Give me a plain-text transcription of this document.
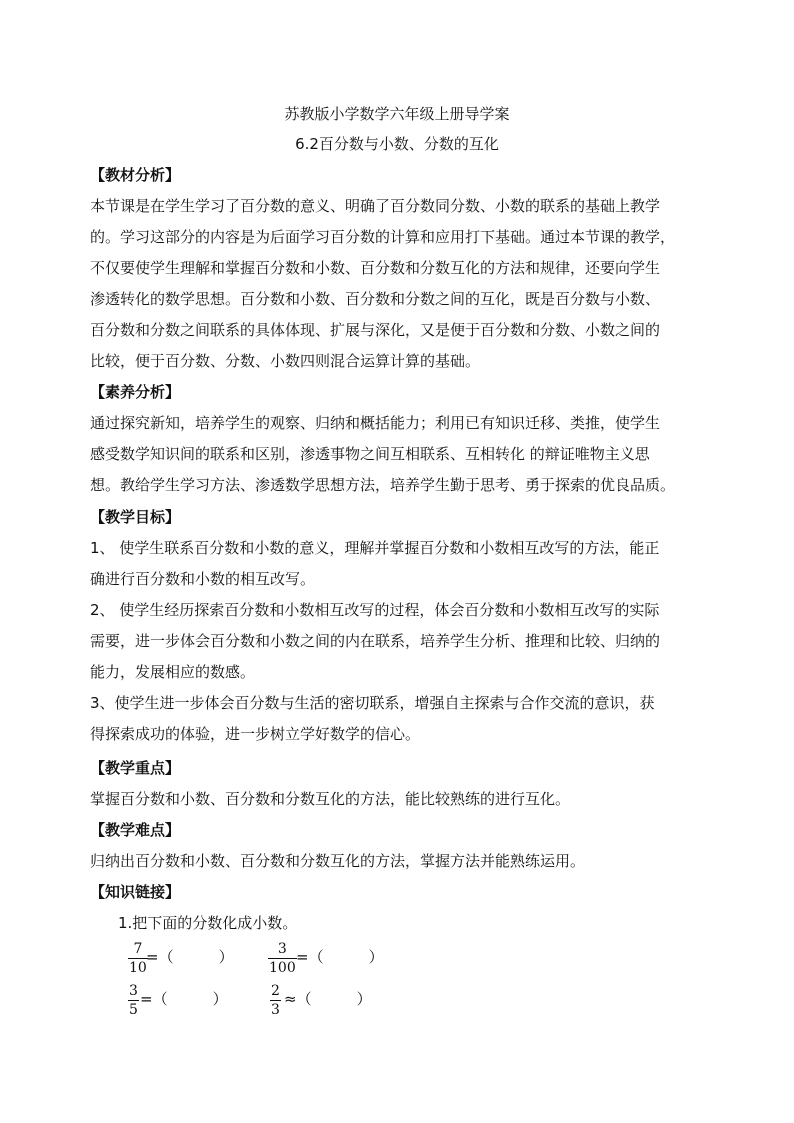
苏教版小学数学六年级上册导学案
6.2百分数与小数、分数的互化
【教材分析】
本节课是在学生学习了百分数的意义、明确了百分数同分数、小数的联系的基础上教学
的。学习这部分的内容是为后面学习百分数的计算和应用打下基础。通过本节课的教学，
不仅要使学生理解和掌握百分数和小数、百分数和分数互化的方法和规律，还要向学生
渗透转化的数学思想。百分数和小数、百分数和分数之间的互化，既是百分数与小数、
百分数和分数之间联系的具体体现、扩展与深化，又是便于百分数和分数、小数之间的
比较，便于百分数、分数、小数四则混合运算计算的基础。
【素养分析】
通过探究新知，培养学生的观察、归纳和概括能力；利用已有知识迁移、类推，使学生
感受数学知识间的联系和区别，渗透事物之间互相联系、互相转化 的辩证唯物主义思
想。教给学生学习方法、渗透数学思想方法，培养学生勤于思考、勇于探索的优良品质。
【教学目标】
1、 使学生联系百分数和小数的意义，理解并掌握百分数和小数相互改写的方法，能正
确进行百分数和小数的相互改写。
2、 使学生经历探索百分数和小数相互改写的过程，体会百分数和小数相互改写的实际
需要，进一步体会百分数和小数之间的内在联系，培养学生分析、推理和比较、归纳的
能力，发展相应的数感。
3、使学生进一步体会百分数与生活的密切联系，增强自主探索与合作交流的意识，获
得探索成功的体验，进一步树立学好数学的信心。
【教学重点】
掌握百分数和小数、百分数和分数互化的方法，能比较熟练的进行互化。
【教学难点】
归纳出百分数和小数、百分数和分数互化的方法，掌握方法并能熟练运用。
【知识链接】
1.把下面的分数化成小数。
7
10
=（　　　）	3
100
=（　　　）
3
5
=（　　　）	2
3
≈（　　　）
